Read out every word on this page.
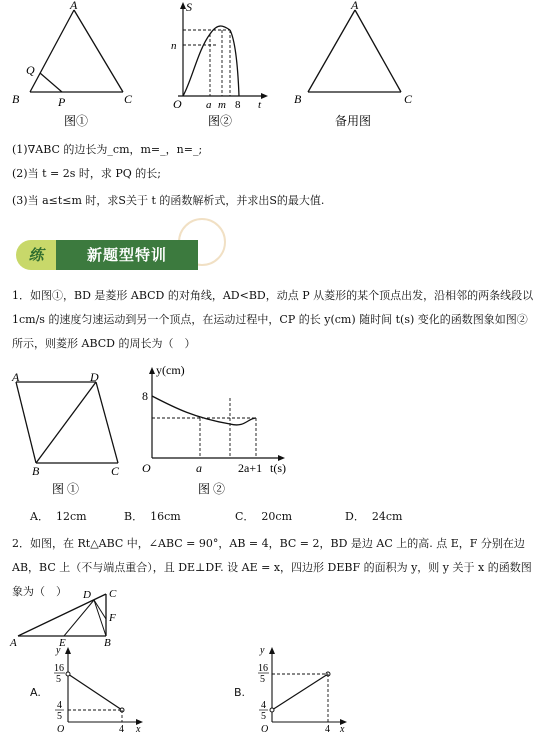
A
B	C
Q
P
图①
S
n
O a m 8 t
图②
A
B	C
备用图
(1)∇ABC 的边长为_cm，m=_，n=_;
(2)当 t = 2s 时，求 PQ 的长;
(3)当 a≤t≤m 时，求S关于 t 的函数解析式，并求出S的最大值.
练	新题型特训
1．如图①，BD 是菱形 ABCD 的对角线，AD<BD，动点 P 从菱形的某个顶点出发，沿相邻的两条线段以 1cm/s 的速度匀速运动到另一个顶点，在运动过程中，CP 的长 y(cm) 随时间 t(s) 变化的函数图象如图② 所示，则菱形 ABCD 的周长为（　）
A	D
B	C
图 ①
y(cm)
8
O	a	2a+1 t(s)
图 ②
A． 12cm	B． 16cm	C． 20cm	D． 24cm
2．如图，在 Rt△ABC 中，∠ABC = 90°，AB = 4，BC = 2，BD 是边 AC 上的高. 点 E，F 分别在边 AB，BC 上（不与端点重合），且 DE⊥DF. 设 AE = x，四边形 DEBF 的面积为 y，则 y 关于 x 的函数图象为（　）
A	B
C
D
E
F
A.
y
16
5
4
5
O	4 x
B.
y
16
5
4
5
O	4 x
